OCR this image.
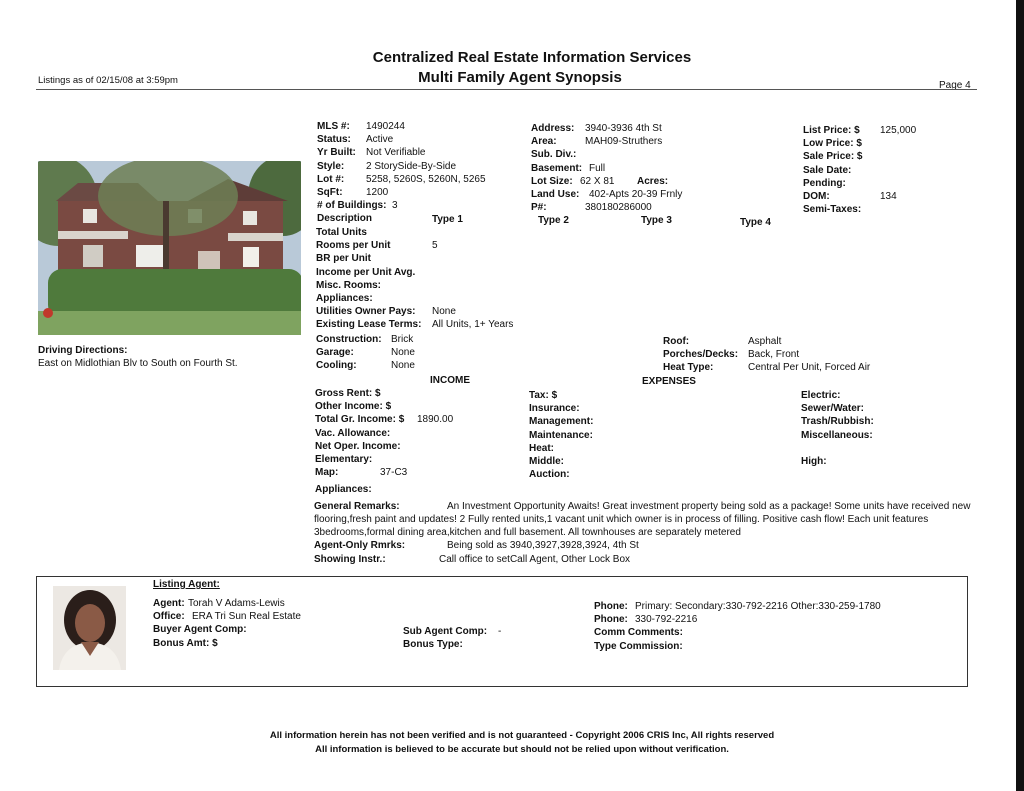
Centralized Real Estate Information Services
Multi Family Agent Synopsis
Listings as of 02/15/08 at 3:59pm	Page 4
Driving Directions:
East on Midlothian Blv to South on Fourth St.
MLS #:	1490244
Status:	Active
Yr Built:	Not Verifiable
Style:	2 StorySide-By-Side
Lot #:	5258, 5260S, 5260N, 5265
SqFt:	1200
# of Buildings: 3
Address:	3940-3936 4th St
Area:	MAH09-Struthers
Sub. Div.:
Basement: Full
Lot Size: 62 X 81	Acres:
Land Use: 402-Apts 20-39 Frnly
P#:	380180286000
List Price: $	125,000
Low Price: $
Sale Price: $
Sale Date:
Pending:
DOM:	134
Semi-Taxes:
Description	Type 1	Type 2	Type 3	Type 4
Total Units
Rooms per Unit	5
BR per Unit
Income per Unit Avg.
Misc. Rooms:
Appliances:
Utilities Owner Pays:	None
Existing Lease Terms:	All Units, 1+ Years
Construction: Brick
Garage:	None
Cooling:	None
Roof:	Asphalt
Porches/Decks: Back, Front
Heat Type:	Central Per Unit, Forced Air
INCOME	EXPENSES
Gross Rent: $
Other Income: $
Total Gr. Income: $	1890.00
Vac. Allowance:
Net Oper. Income:
Elementary:
Map:	37-C3
Tax: $
Insurance:
Management:
Maintenance:
Heat:
Middle:
Auction:
Electric:
Sewer/Water:
Trash/Rubbish:
Miscellaneous:
High:
Appliances:
General Remarks:	An Investment Opportunity Awaits! Great investment property being sold as a package! Some units have received new flooring,fresh paint and updates! 2 Fully rented units,1 vacant unit which owner is in process of filling. Positive cash flow! Each unit features 3bedrooms,formal dining area,kitchen and full basement. All townhouses are separately metered
Agent-Only Rmrks:	Being sold as 3940,3927,3928,3924, 4th St
Showing Instr.:	Call office to setCall Agent, Other Lock Box
Listing Agent:
Agent: Torah V Adams-Lewis
Office: ERA Tri Sun Real Estate
Buyer Agent Comp:
Bonus Amt: $
Sub Agent Comp:	-
Bonus Type:
Phone: Primary: Secondary:330-792-2216 Other:330-259-1780
Phone: 330-792-2216
Comm Comments:
Type Commission:
All information herein has not been verified and is not guaranteed - Copyright 2006 CRIS Inc, All rights reserved
All information is believed to be accurate but should not be relied upon without verification.
